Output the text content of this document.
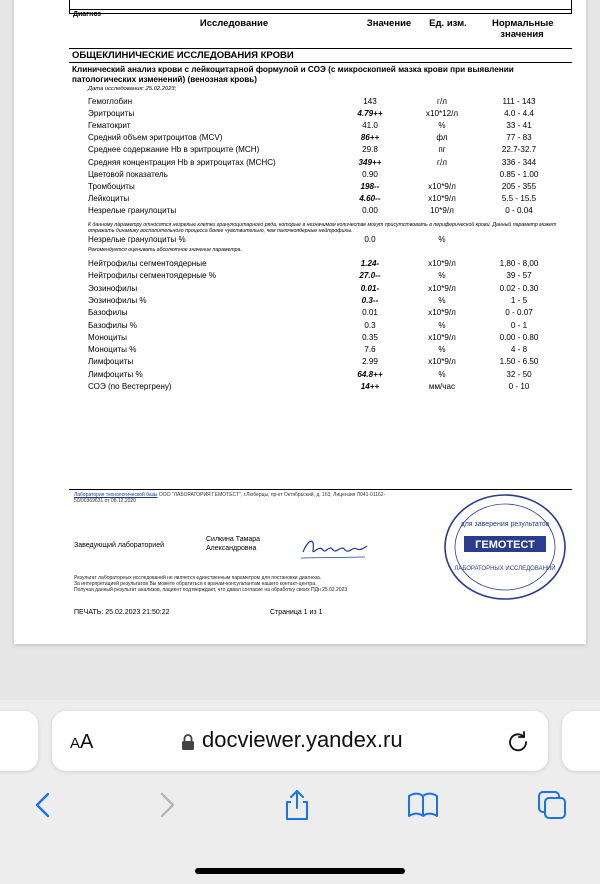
Диагноз
Исследование	Значение	Ед. изм.	Нормальные значения
ОБЩЕКЛИНИЧЕСКИЕ ИССЛЕДОВАНИЯ КРОВИ
Клинический анализ крови с лейкоцитарной формулой и СОЭ (с микроскопией мазка крови при выявлении патологических изменений) (венозная кровь)
Дата исследования: 25.02.2023;
Гемоглобин	143	г/л	111 - 143
Эритроциты	4.79++	x10*12/л	4.0 - 4.4
Гематокрит	41.0	%	33 - 41
Средний объем эритроцитов (MCV)	86++	фл	77 - 83
Среднее содержание Hb в эритроците (MCH)	29.8	пг	22.7-32.7
Средняя концентрация Hb в эритроцитах (MCHC)	349++	г/л	336 - 344
Цветовой показатель	0.90	0.85 - 1.00
Тромбоциты	198--	x10*9/л	205 - 355
Лейкоциты	4.60--	x10*9/л	5.5 - 15.5
Незрелые гранулоциты	0.00	10*9/л	0 - 0.04
К данному параметру относятся незрелые клетки гранулоцитарного ряда, которые в незначимом количестве могут присутствовать в периферической крови. Данный параметр может отражать динамику воспалительного процесса более чувствительно, чем палочкоядерные нейтрофилы.
Незрелые гранулоциты %	0.0	%
Рекомендуется оценивать абсолютное значение параметра.
Нейтрофилы сегментоядерные	1.24-	x10*9/л	1,80 - 8,00
Нейтрофилы сегментоядерные %	27.0--	%	39 - 57
Эозинофилы	0.01-	x10*9/л	0.02 - 0.30
Эозинофилы %	0.3--	%	1 - 5
Базофилы	0.01	x10*9/л	0 - 0.07
Базофилы %	0.3	%	0 - 1
Моноциты	0.35	x10*9/л	0.00 - 0.80
Моноциты %	7.6	%	4 - 8
Лимфоциты	2.99	x10*9/л	1.50 - 6.50
Лимфоциты %	64.8++	%	32 - 50
СОЭ (по Вестергрену)	14++	мм/час	0 - 10
Лаборатория технологической базы ООО "ЛАБОРАТОРИЯ ГЕМОТЕСТ", г.Люберцы, пр-кт Октябрьский, д. 163, Лицензия Л041-01162-50/00369631 от 08.12.2020
Заведующий лабораторией
Силкина Тамара
Александровна
для заверения результатов
ГЕМОТЕСТ
ЛАБОРАТОРНЫХ ИССЛЕДОВАНИЙ
Результат лабораторных исследований не является единственным параметром для постановки диагноза.
За интерпретацией результатов Вы можете обратиться к врачам-консультантам нашего контакт-центра.
Получая данный результат анализов, пациент подтверждает, что давал согласие на обработку своих ПДн 25.02.2023
ПЕЧАТЬ: 25.02.2023 21:50:22	Страница 1 из 1
AA	docviewer.yandex.ru
